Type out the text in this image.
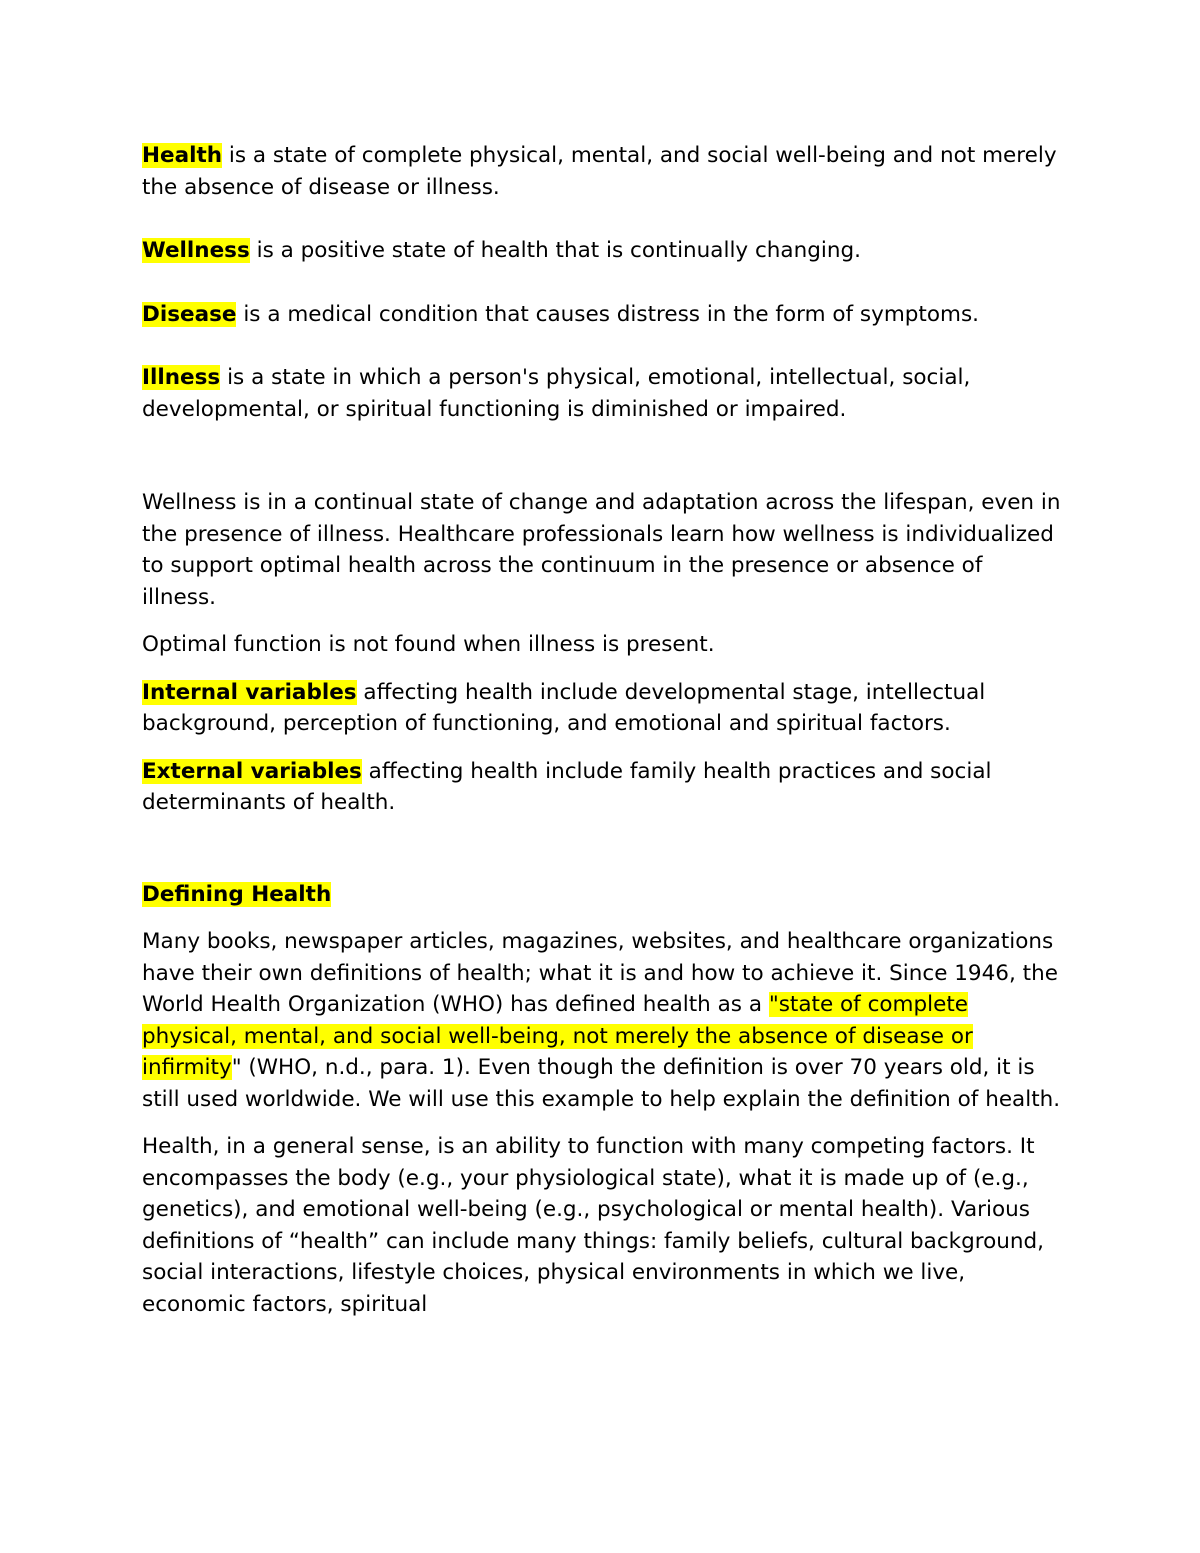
Health is a state of complete physical, mental, and social well-being and not merely the absence of disease or illness.

Wellness is a positive state of health that is continually changing.

Disease is a medical condition that causes distress in the form of symptoms.

Illness is a state in which a person's physical, emotional, intellectual, social, developmental, or spiritual functioning is diminished or impaired.

Wellness is in a continual state of change and adaptation across the lifespan, even in the presence of illness. Healthcare professionals learn how wellness is individualized to support optimal health across the continuum in the presence or absence of illness.

Optimal function is not found when illness is present.

Internal variables affecting health include developmental stage, intellectual background, perception of functioning, and emotional and spiritual factors.

External variables affecting health include family health practices and social determinants of health.

Defining Health

Many books, newspaper articles, magazines, websites, and healthcare organizations have their own definitions of health; what it is and how to achieve it. Since 1946, the World Health Organization (WHO) has defined health as a "state of complete physical, mental, and social well-being, not merely the absence of disease or infirmity" (WHO, n.d., para. 1). Even though the definition is over 70 years old, it is still used worldwide. We will use this example to help explain the definition of health.

Health, in a general sense, is an ability to function with many competing factors. It encompasses the body (e.g., your physiological state), what it is made up of (e.g., genetics), and emotional well-being (e.g., psychological or mental health). Various definitions of “health” can include many things: family beliefs, cultural background, social interactions, lifestyle choices, physical environments in which we live, economic factors, spiritual
